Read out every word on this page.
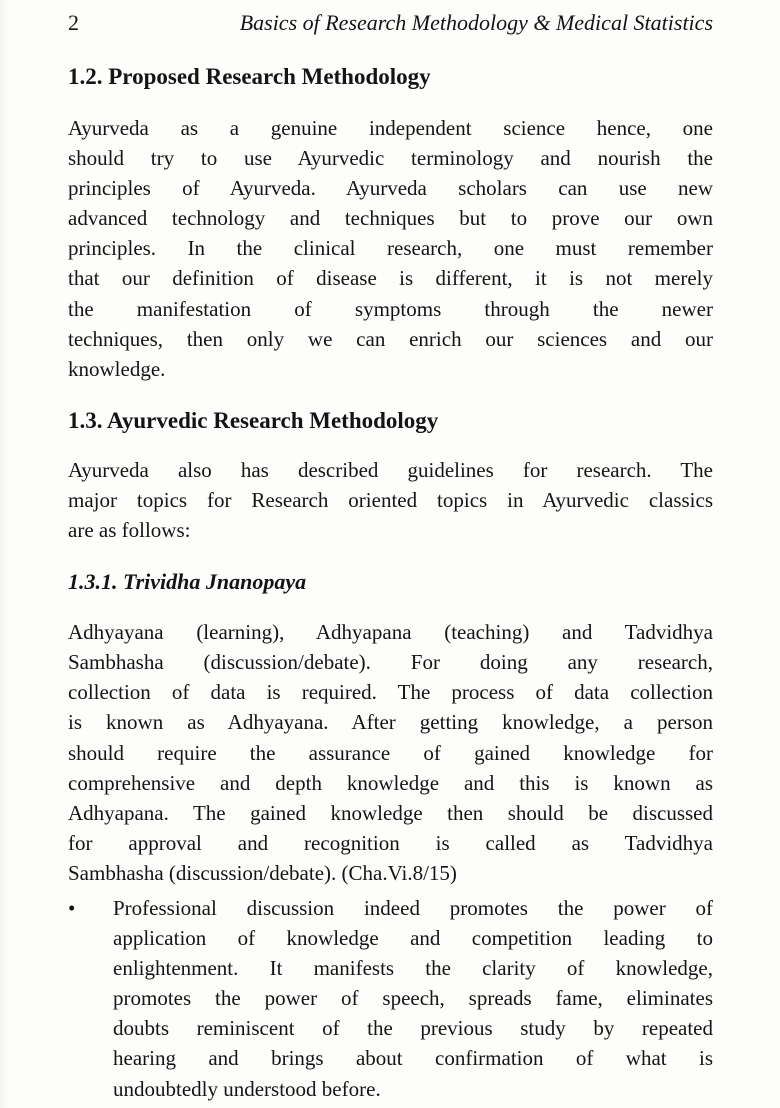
2	Basics of Research Methodology & Medical Statistics
1.2. Proposed Research Methodology
Ayurveda as a genuine independent science hence, one
should try to use Ayurvedic terminology and nourish the
principles of Ayurveda. Ayurveda scholars can use new
advanced technology and techniques but to prove our own
principles. In the clinical research, one must remember
that our definition of disease is different, it is not merely
the manifestation of symptoms through the newer
techniques, then only we can enrich our sciences and our
knowledge.
1.3. Ayurvedic Research Methodology
Ayurveda also has described guidelines for research. The
major topics for Research oriented topics in Ayurvedic classics
are as follows:
1.3.1. Trividha Jnanopaya
Adhyayana (learning), Adhyapana (teaching) and Tadvidhya
Sambhasha (discussion/debate). For doing any research,
collection of data is required. The process of data collection
is known as Adhyayana. After getting knowledge, a person
should require the assurance of gained knowledge for
comprehensive and depth knowledge and this is known as
Adhyapana. The gained knowledge then should be discussed
for approval and recognition is called as Tadvidhya
Sambhasha (discussion/debate). (Cha.Vi.8/15)
•	Professional discussion indeed promotes the power of
application of knowledge and competition leading to
enlightenment. It manifests the clarity of knowledge,
promotes the power of speech, spreads fame, eliminates
doubts reminiscent of the previous study by repeated
hearing and brings about confirmation of what is
undoubtedly understood before.
